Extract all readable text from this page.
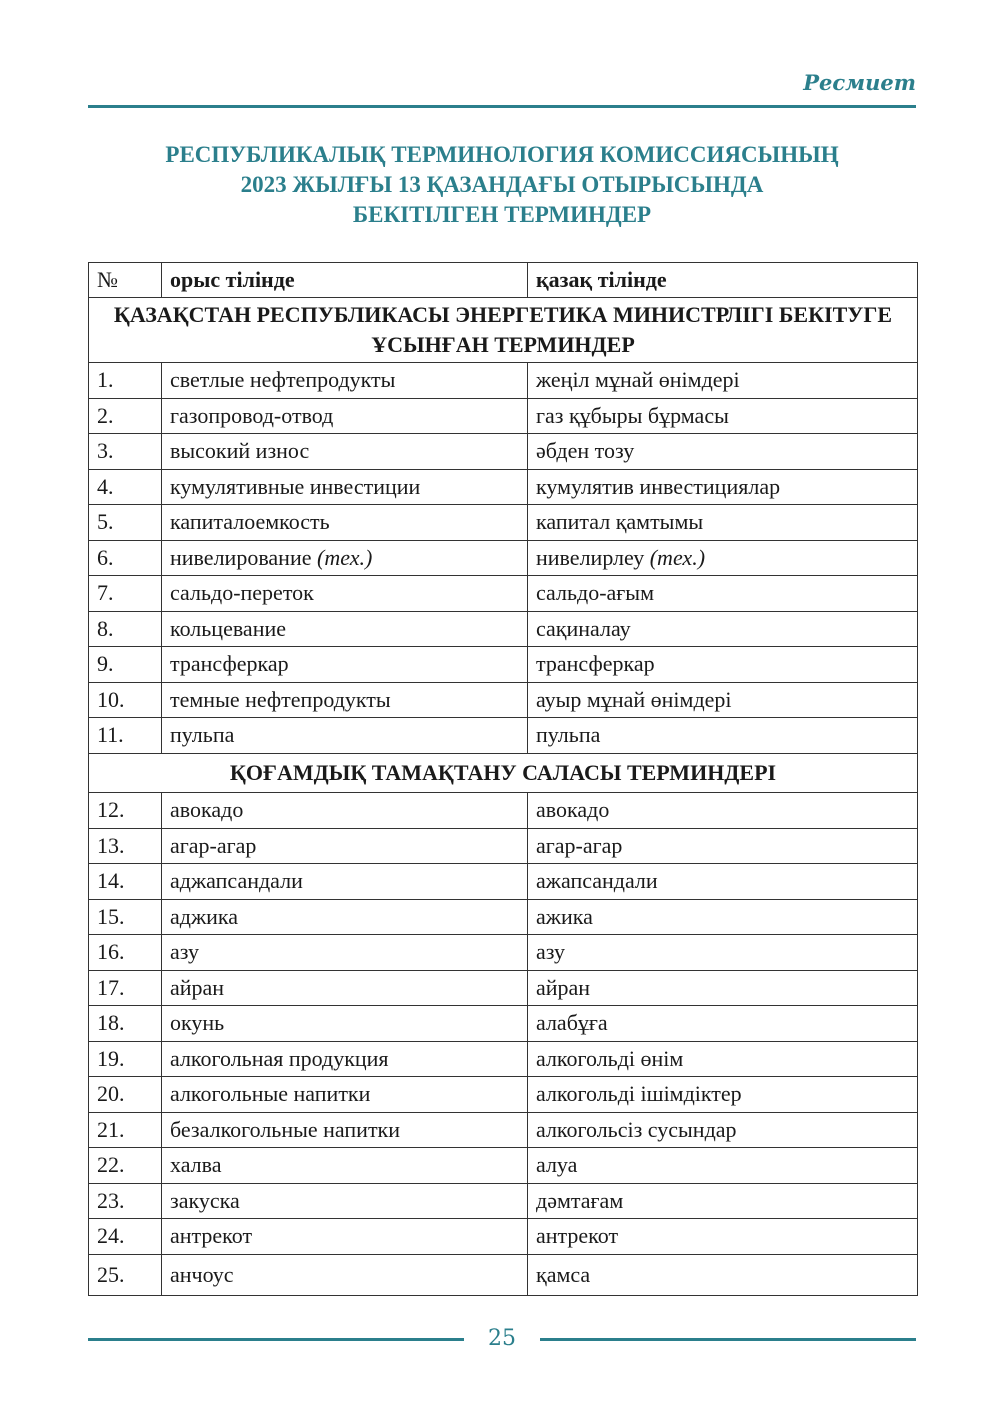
Ресмиет
РЕСПУБЛИКАЛЫҚ ТЕРМИНОЛОГИЯ КОМИССИЯСЫНЫҢ
2023 ЖЫЛҒЫ 13 ҚАЗАНДАҒЫ ОТЫРЫСЫНДА
БЕКІТІЛГЕН ТЕРМИНДЕР
№	орыс тілінде	қазақ тілінде
ҚАЗАҚСТАН РЕСПУБЛИКАСЫ ЭНЕРГЕТИКА МИНИСТРЛІГІ БЕКІТУГЕ ҰСЫНҒАН ТЕРМИНДЕР		
1.	светлые нефтепродукты	жеңіл мұнай өнімдері
2.	газопровод-отвод	газ құбыры бұрмасы
3.	высокий износ	әбден тозу
4.	кумулятивные инвестиции	кумулятив инвестициялар
5.	капиталоемкость	капитал қамтымы
6.	нивелирование (тех.)	нивелирлеу (тех.)
7.	сальдо-переток	сальдо-ағым
8.	кольцевание	сақиналау
9.	трансферкар	трансферкар
10.	темные нефтепродукты	ауыр мұнай өнімдері
11.	пульпа	пульпа
ҚОҒАМДЫҚ ТАМАҚТАНУ САЛАСЫ ТЕРМИНДЕРІ		
12.	авокадо	авокадо
13.	агар-агар	агар-агар
14.	аджапсандали	ажапсандали
15.	аджика	ажика
16.	азу	азу
17.	айран	айран
18.	окунь	алабұға
19.	алкогольная продукция	алкогольді өнім
20.	алкогольные напитки	алкогольді ішімдіктер
21.	безалкогольные напитки	алкогольсіз сусындар
22.	халва	алуа
23.	закуска	дәмтағам
24.	антрекот	антрекот
25.	анчоус	қамса
25
